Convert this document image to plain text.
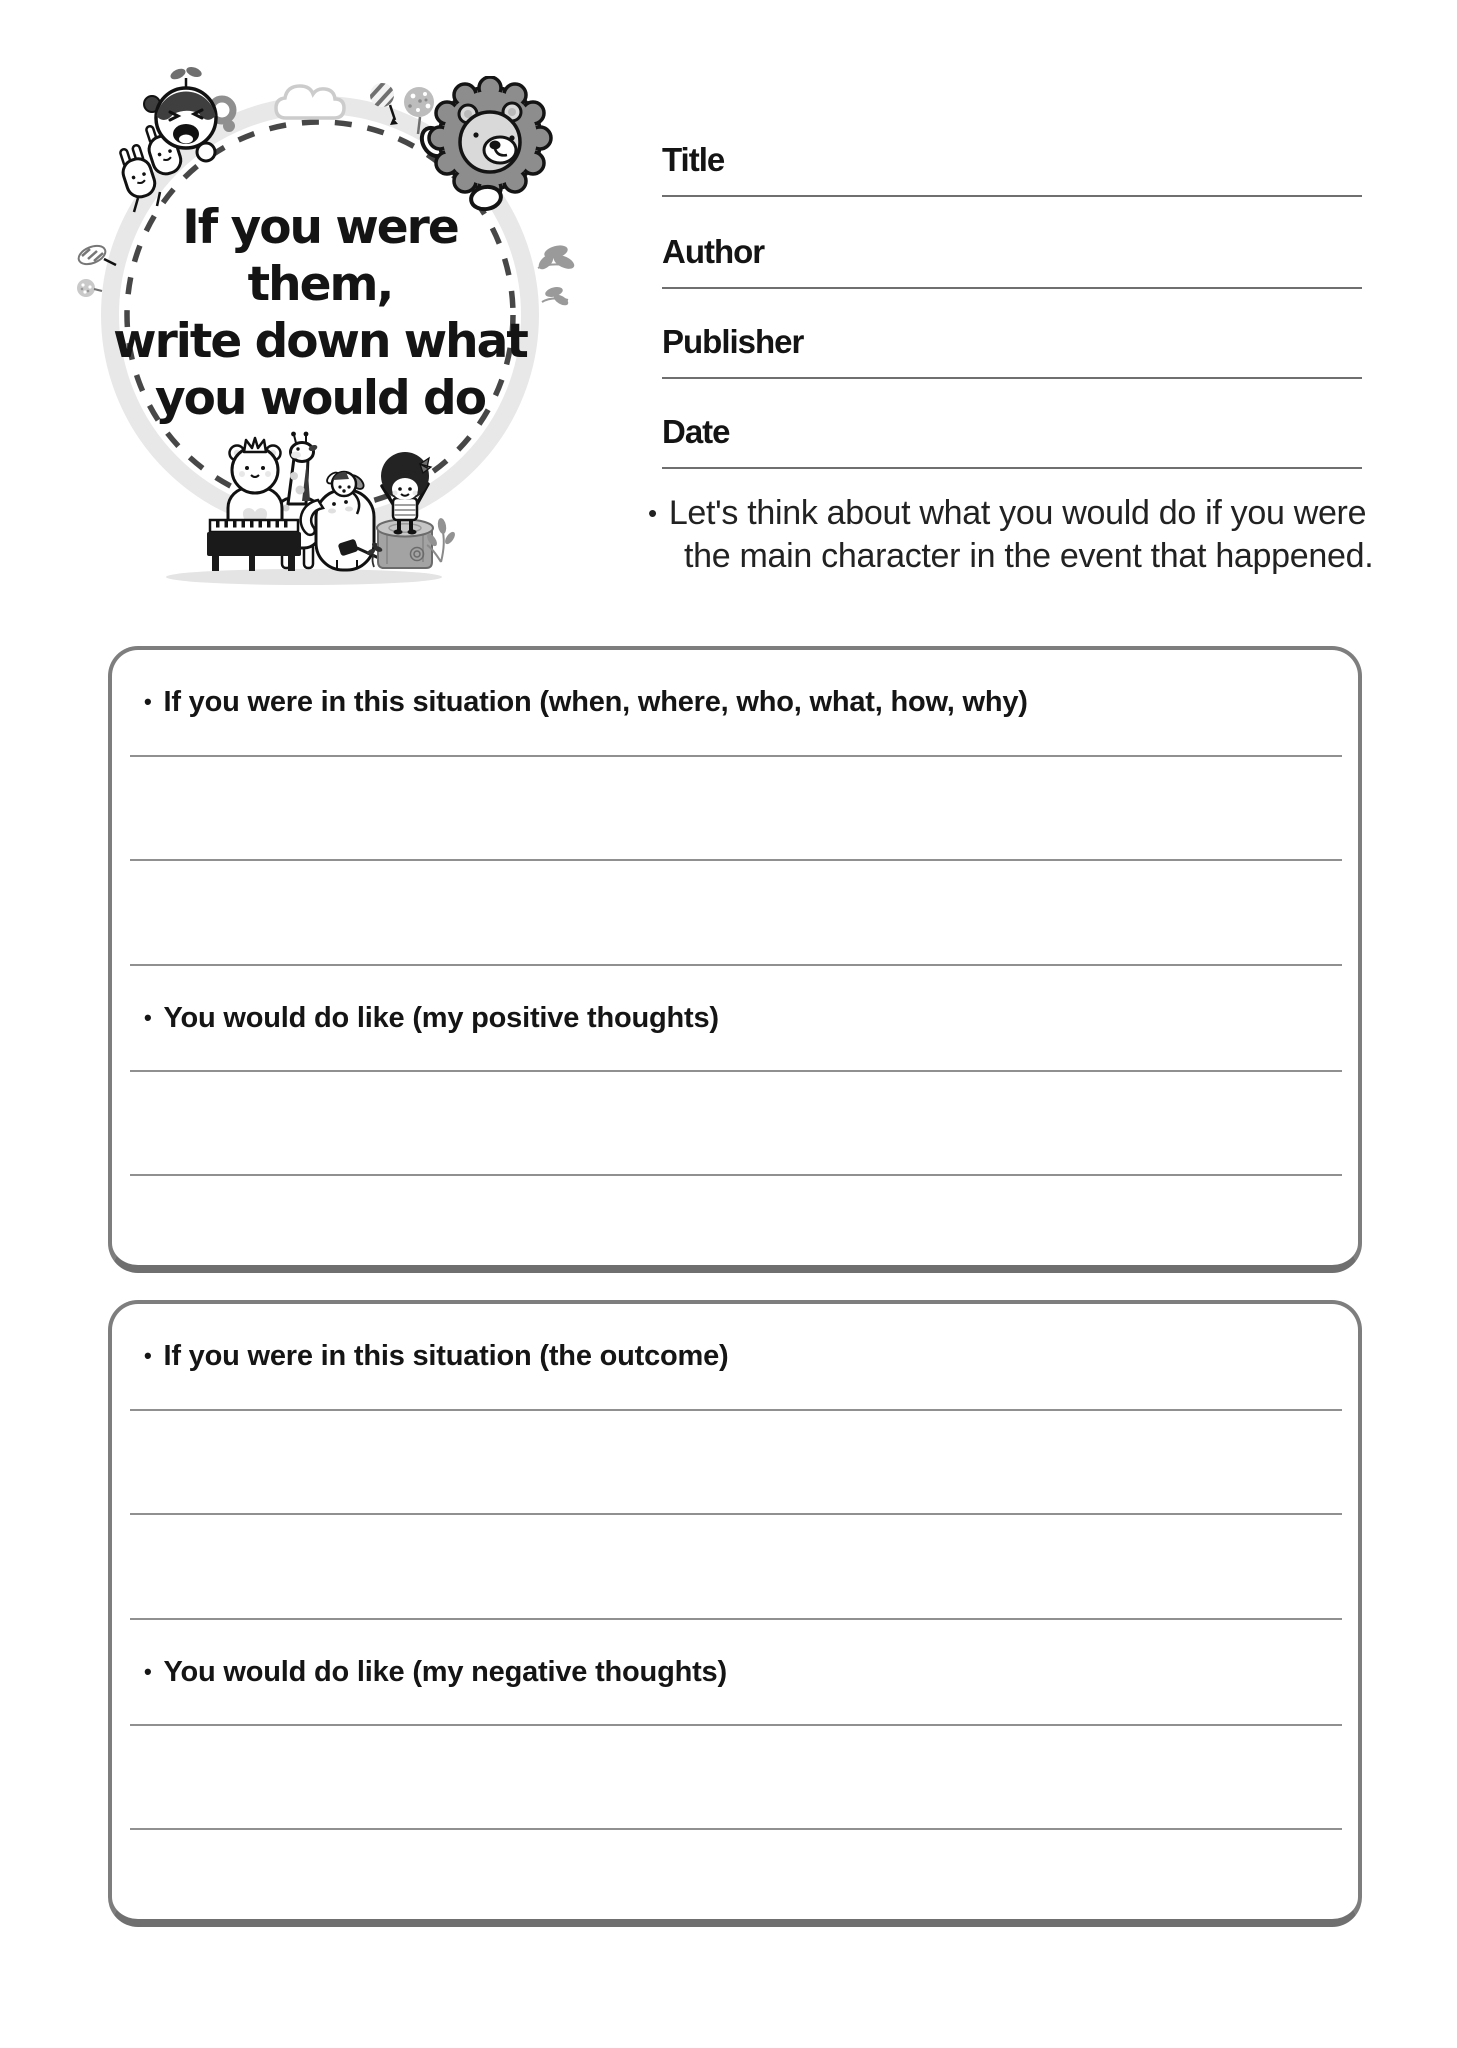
If you were
them,
write down what
you would do
Title
Author
Publisher
Date
• Let's think about what you would do if you were the main character in the event that happened.
• If you were in this situation (when, where, who, what, how, why)
• You would do like (my positive thoughts)
• If you were in this situation (the outcome)
• You would do like (my negative thoughts)
